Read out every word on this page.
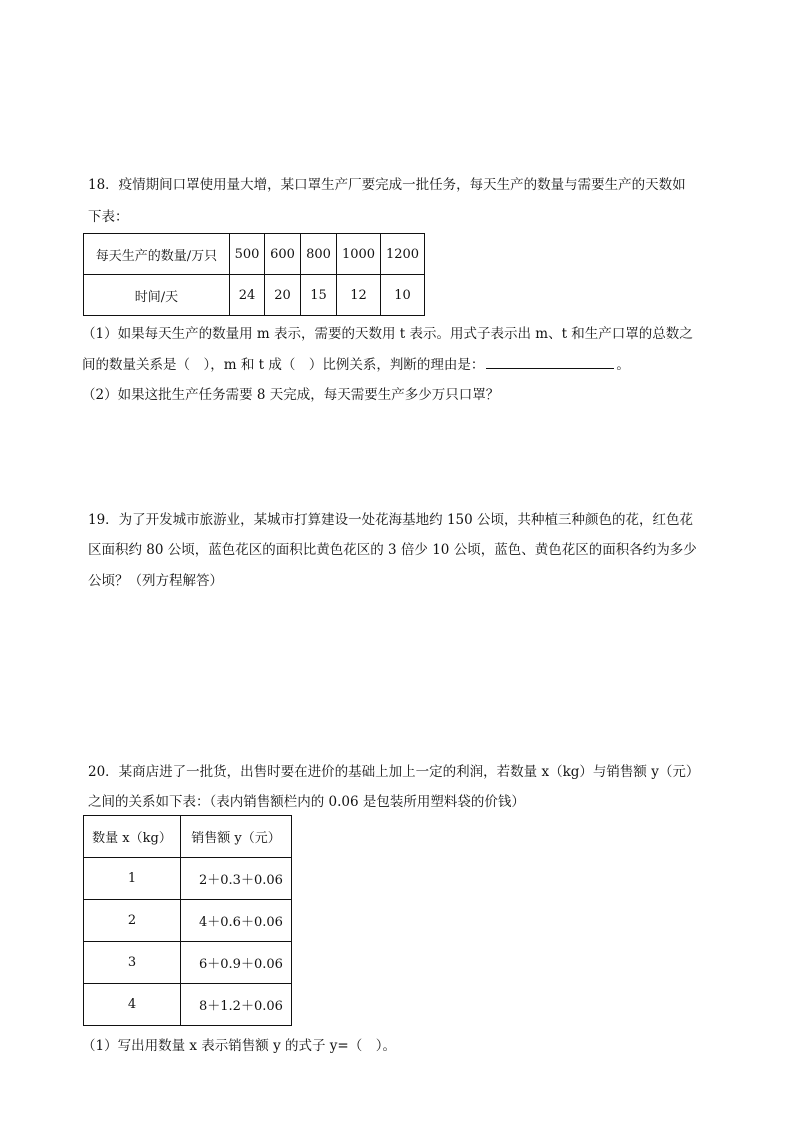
18．疫情期间口罩使用量大增，某口罩生产厂要完成一批任务，每天生产的数量与需要生产的天数如
下表：
每天生产的数量/万只	500	600	800	1000	1200
时间/天	24	20	15	12	10
（1）如果每天生产的数量用 m 表示，需要的天数用 t 表示。用式子表示出 m、t 和生产口罩的总数之
间的数量关系是（　），m 和 t 成（　）比例关系，判断的理由是：	。
（2）如果这批生产任务需要 8 天完成，每天需要生产多少万只口罩？
19．为了开发城市旅游业，某城市打算建设一处花海基地约 150 公顷，共种植三种颜色的花，红色花
区面积约 80 公顷，蓝色花区的面积比黄色花区的 3 倍少 10 公顷，蓝色、黄色花区的面积各约为多少
公顷？（列方程解答）
20．某商店进了一批货，出售时要在进价的基础上加上一定的利润，若数量 x（kg）与销售额 y（元）
之间的关系如下表：（表内销售额栏内的 0.06 是包装所用塑料袋的价钱）
数量 x（kg）	销售额 y（元）
1	2＋0.3＋0.06
2	4＋0.6＋0.06
3	6＋0.9＋0.06
4	8＋1.2＋0.06
（1）写出用数量 x 表示销售额 y 的式子 y=（　）。
